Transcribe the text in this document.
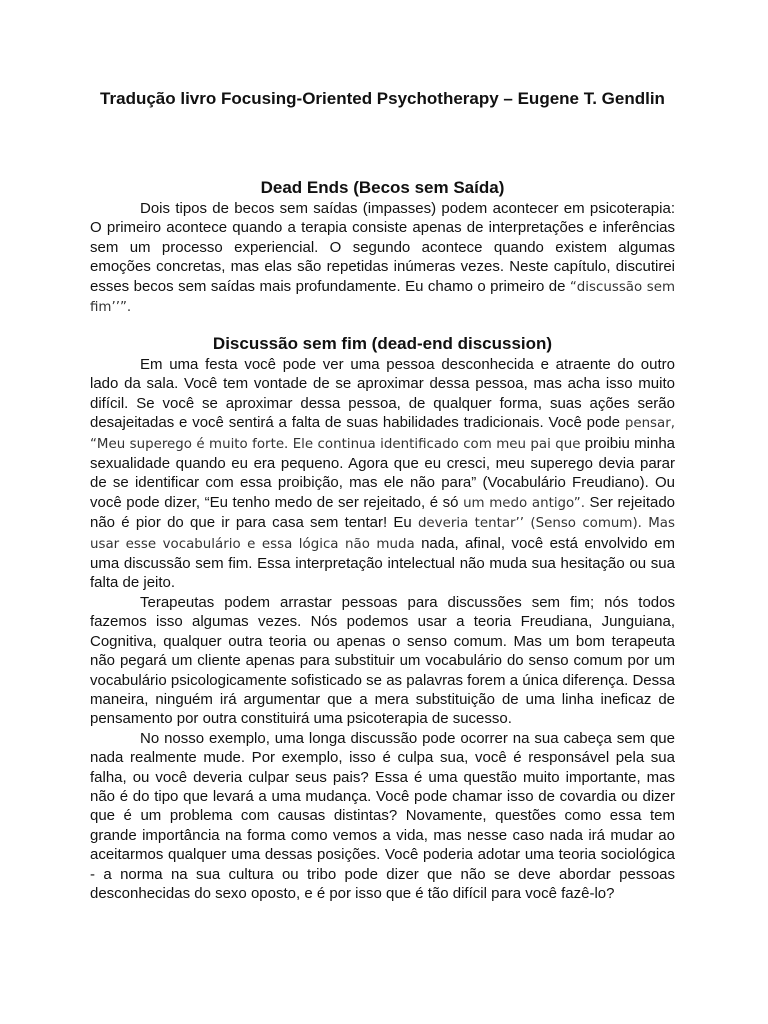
Tradução livro Focusing-Oriented Psychotherapy – Eugene T. Gendlin
Dead Ends (Becos sem Saída)

Dois tipos de becos sem saídas (impasses) podem acontecer em psicoterapia: O primeiro acontece quando a terapia consiste apenas de interpretações e inferências sem um processo experiencial. O segundo acontece quando existem algumas emoções concretas, mas elas são repetidas inúmeras vezes. Neste capítulo, discutirei esses becos sem saídas mais profundamente. Eu chamo o primeiro de “discussão sem fim’’”.

Discussão sem fim (dead-end discussion)

Em uma festa você pode ver uma pessoa desconhecida e atraente do outro lado da sala. Você tem vontade de se aproximar dessa pessoa, mas acha isso muito difícil. Se você se aproximar dessa pessoa, de qualquer forma, suas ações serão desajeitadas e você sentirá a falta de suas habilidades tradicionais. Você pode pensar, “Meu superego é muito forte. Ele continua identificado com meu pai que proibiu minha sexualidade quando eu era pequeno. Agora que eu cresci, meu superego devia parar de se identificar com essa proibição, mas ele não para” (Vocabulário Freudiano). Ou você pode dizer, “Eu tenho medo de ser rejeitado, é só um medo antigo”. Ser rejeitado não é pior do que ir para casa sem tentar! Eu deveria tentar’’ (Senso comum). Mas usar esse vocabulário e essa lógica não muda nada, afinal, você está envolvido em uma discussão sem fim. Essa interpretação intelectual não muda sua hesitação ou sua falta de jeito.

Terapeutas podem arrastar pessoas para discussões sem fim; nós todos fazemos isso algumas vezes. Nós podemos usar a teoria Freudiana, Junguiana, Cognitiva, qualquer outra teoria ou apenas o senso comum. Mas um bom terapeuta não pegará um cliente apenas para substituir um vocabulário do senso comum por um vocabulário psicologicamente sofisticado se as palavras forem a única diferença. Dessa maneira, ninguém irá argumentar que a mera substituição de uma linha ineficaz de pensamento por outra constituirá uma psicoterapia de sucesso.

No nosso exemplo, uma longa discussão pode ocorrer na sua cabeça sem que nada realmente mude. Por exemplo, isso é culpa sua, você é responsável pela sua falha, ou você deveria culpar seus pais? Essa é uma questão muito importante, mas não é do tipo que levará a uma mudança. Você pode chamar isso de covardia ou dizer que é um problema com causas distintas? Novamente, questões como essa tem grande importância na forma como vemos a vida, mas nesse caso nada irá mudar ao aceitarmos qualquer uma dessas posições. Você poderia adotar uma teoria sociológica - a norma na sua cultura ou tribo pode dizer que não se deve abordar pessoas desconhecidas do sexo oposto, e é por isso que é tão difícil para você fazê-lo?
